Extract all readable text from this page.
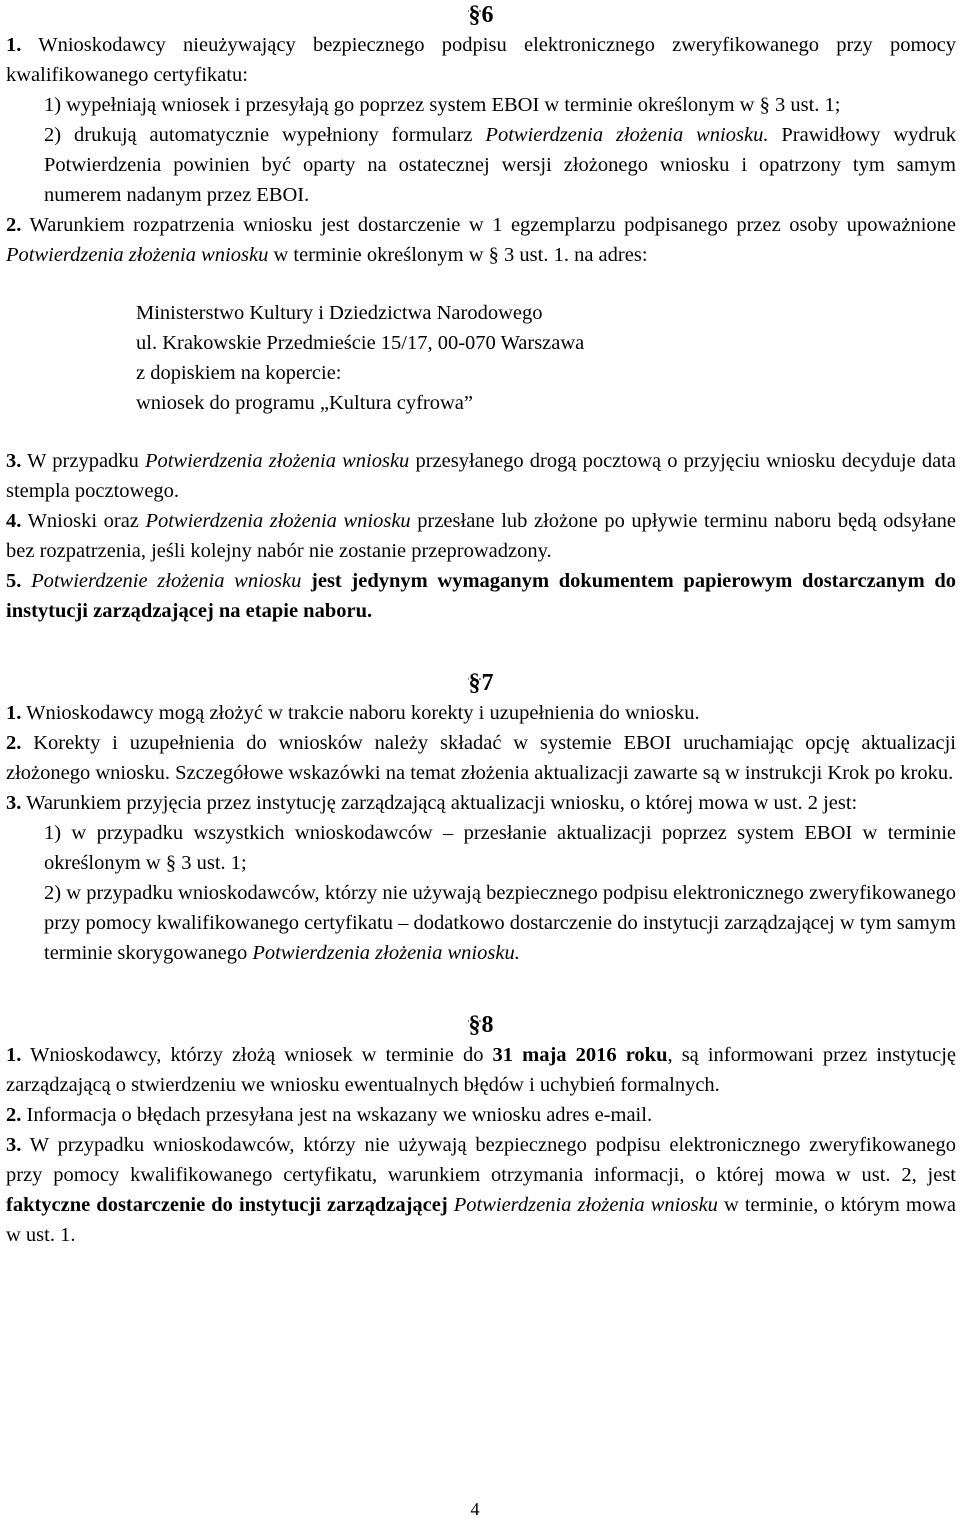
§6

1. Wnioskodawcy nieużywający bezpiecznego podpisu elektronicznego zweryfikowanego przy pomocy kwalifikowanego certyfikatu:

1) wypełniają wniosek i przesyłają go poprzez system EBOI w terminie określonym w § 3 ust. 1;

2) drukują automatycznie wypełniony formularz Potwierdzenia złożenia wniosku. Prawidłowy wydruk Potwierdzenia powinien być oparty na ostatecznej wersji złożonego wniosku i opatrzony tym samym numerem nadanym przez EBOI.

2. Warunkiem rozpatrzenia wniosku jest dostarczenie w 1 egzemplarzu podpisanego przez osoby upoważnione Potwierdzenia złożenia wniosku w terminie określonym w § 3 ust. 1. na adres:

Ministerstwo Kultury i Dziedzictwa Narodowego
ul. Krakowskie Przedmieście 15/17, 00-070 Warszawa
z dopiskiem na kopercie:
wniosek do programu „Kultura cyfrowa”

3. W przypadku Potwierdzenia złożenia wniosku przesyłanego drogą pocztową o przyjęciu wniosku decyduje data stempla pocztowego.

4. Wnioski oraz Potwierdzenia złożenia wniosku przesłane lub złożone po upływie terminu naboru będą odsyłane bez rozpatrzenia, jeśli kolejny nabór nie zostanie przeprowadzony.

5. Potwierdzenie złożenia wniosku jest jedynym wymaganym dokumentem papierowym dostarczanym do instytucji zarządzającej na etapie naboru.

§7

1. Wnioskodawcy mogą złożyć w trakcie naboru korekty i uzupełnienia do wniosku.

2. Korekty i uzupełnienia do wniosków należy składać w systemie EBOI uruchamiając opcję aktualizacji złożonego wniosku. Szczegółowe wskazówki na temat złożenia aktualizacji zawarte są w instrukcji Krok po kroku.

3. Warunkiem przyjęcia przez instytucję zarządzającą aktualizacji wniosku, o której mowa w ust. 2 jest:

1) w przypadku wszystkich wnioskodawców – przesłanie aktualizacji poprzez system EBOI w terminie określonym w § 3 ust. 1;

2) w przypadku wnioskodawców, którzy nie używają bezpiecznego podpisu elektronicznego zweryfikowanego przy pomocy kwalifikowanego certyfikatu – dodatkowo dostarczenie do instytucji zarządzającej w tym samym terminie skorygowanego Potwierdzenia złożenia wniosku.

§8

1. Wnioskodawcy, którzy złożą wniosek w terminie do 31 maja 2016 roku, są informowani przez instytucję zarządzającą o stwierdzeniu we wniosku ewentualnych błędów i uchybień formalnych.

2. Informacja o błędach przesyłana jest na wskazany we wniosku adres e-mail.

3. W przypadku wnioskodawców, którzy nie używają bezpiecznego podpisu elektronicznego zweryfikowanego przy pomocy kwalifikowanego certyfikatu, warunkiem otrzymania informacji, o której mowa w ust. 2, jest faktyczne dostarczenie do instytucji zarządzającej Potwierdzenia złożenia wniosku w terminie, o którym mowa w ust. 1.

4
